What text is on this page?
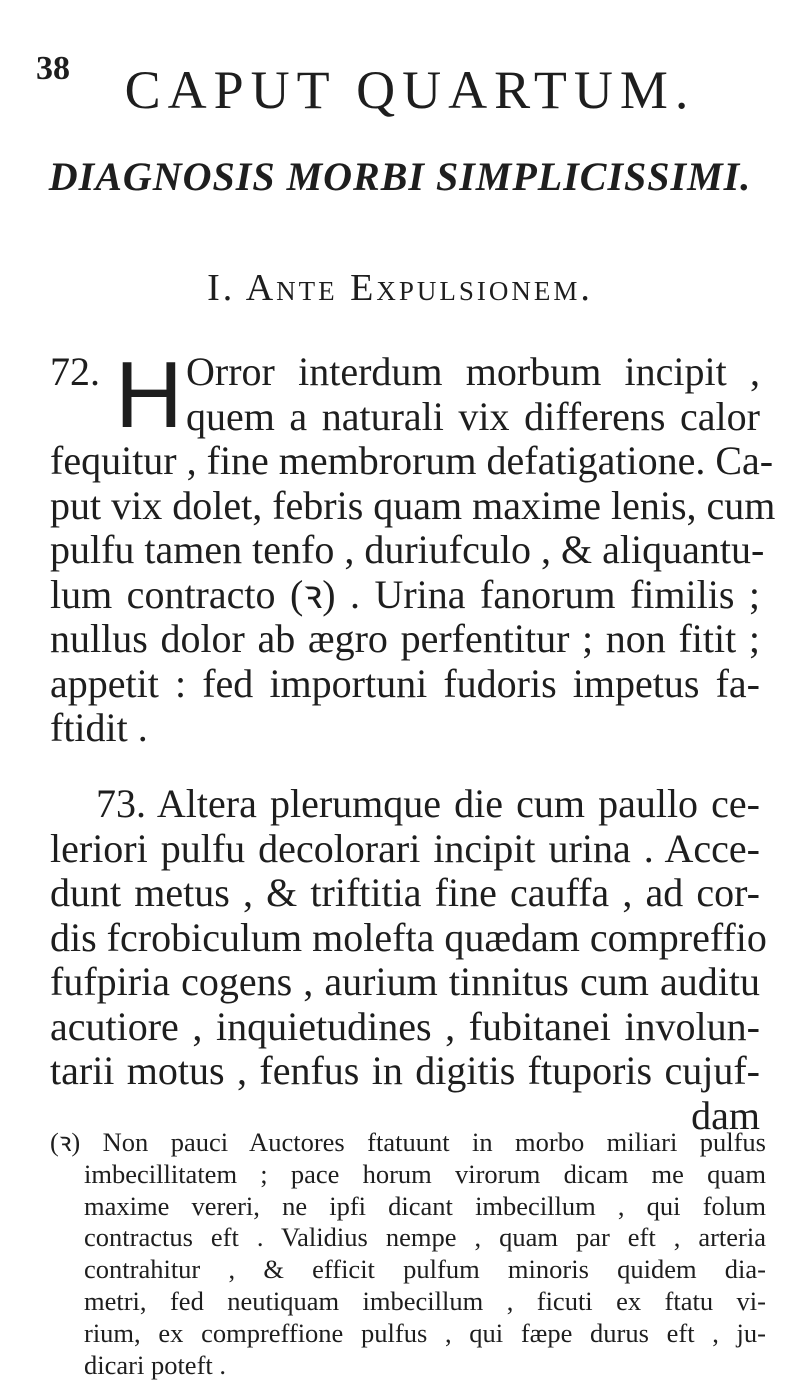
38	CAPUT QUARTUM.
DIAGNOSIS MORBI SIMPLICISSIMI.
I. Ante Expulsionem.
72. H Orror interdum morbum incipit ,
quem a naturali vix differens calor
fequitur , fine membrorum defatigatione. Ca-
put vix dolet, febris quam maxime lenis, cum
pulfu tamen tenfo , duriufculo , & aliquantu-
lum contracto (ꝛ) . Urina fanorum fimilis ;
nullus dolor ab ægro perfentitur ; non fitit ;
appetit : fed importuni fudoris impetus fa-
ftidit .
73. Altera plerumque die cum paullo ce-
leriori pulfu decolorari incipit urina . Acce-
dunt metus , & triftitia fine cauffa , ad cor-
dis fcrobiculum molefta quædam compreffio
fufpiria cogens , aurium tinnitus cum auditu
acutiore , inquietudines , fubitanei involun-
tarii motus , fenfus in digitis ftuporis cujuf-
dam
(ꝛ) Non pauci Auctores ftatuunt in morbo miliari pulfus
imbecillitatem ; pace horum virorum dicam me quam
maxime vereri, ne ipfi dicant imbecillum , qui folum
contractus eft . Validius nempe , quam par eft , arteria
contrahitur , & efficit pulfum minoris quidem dia-
metri, fed neutiquam imbecillum , ficuti ex ftatu vi-
rium, ex compreffione pulfus , qui fæpe durus eft , ju-
dicari poteft .
